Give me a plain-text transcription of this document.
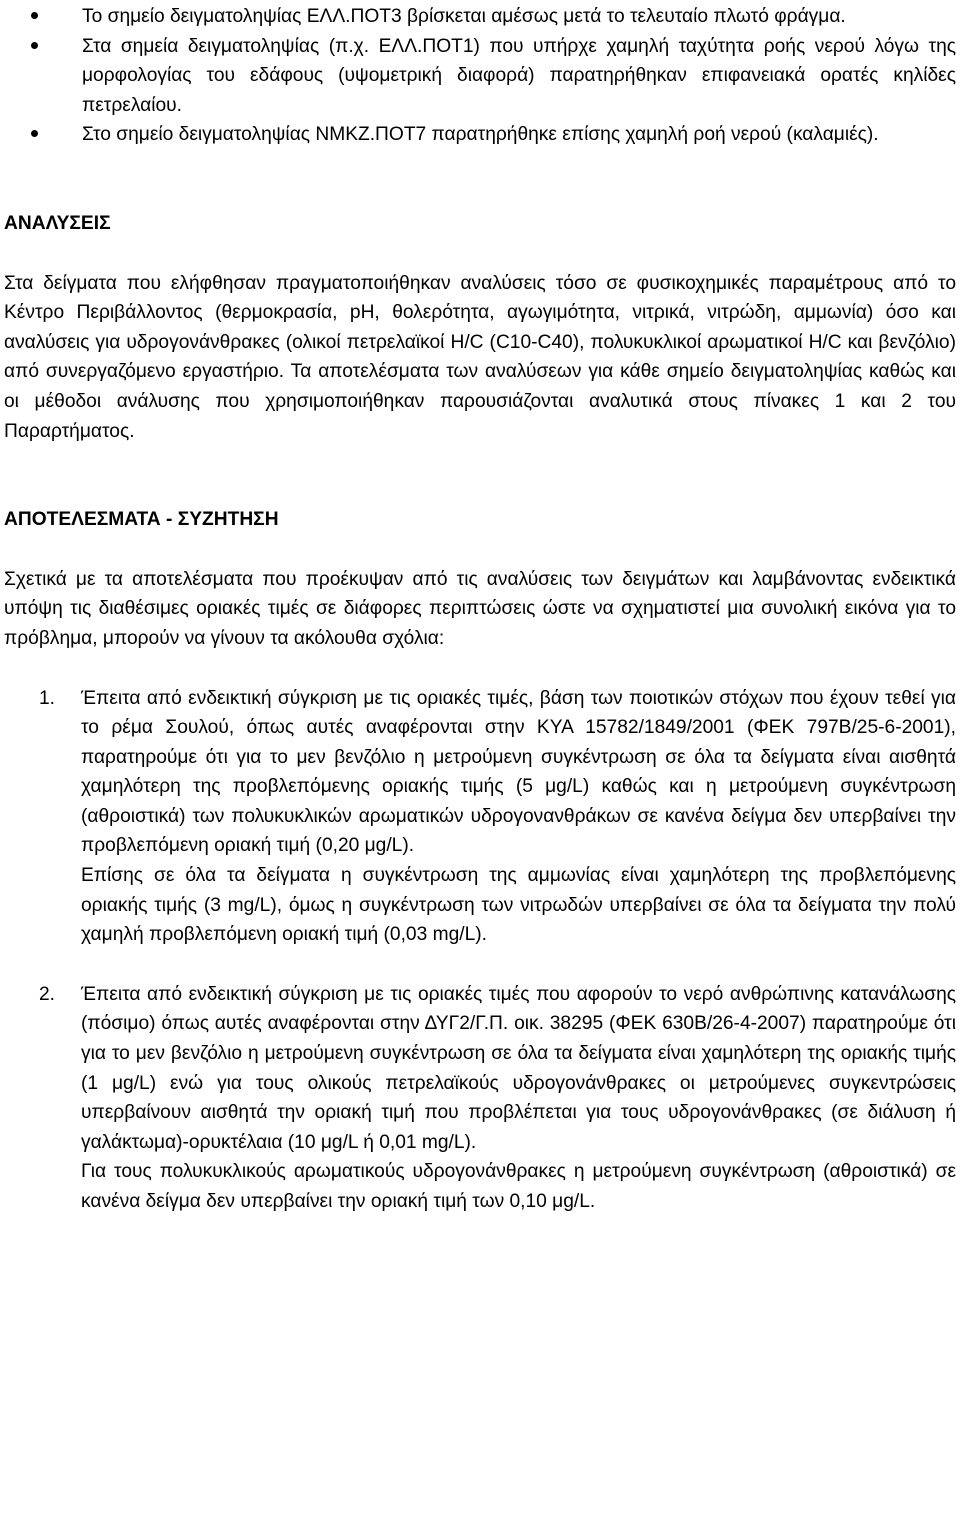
Το σημείο δειγματοληψίας ΕΛΛ.ΠΟΤ3 βρίσκεται αμέσως μετά το τελευταίο πλωτό φράγμα.
Στα σημεία δειγματοληψίας (π.χ. ΕΛΛ.ΠΟΤ1) που υπήρχε χαμηλή ταχύτητα ροής νερού λόγω της μορφολογίας του εδάφους (υψομετρική διαφορά) παρατηρήθηκαν επιφανειακά ορατές κηλίδες πετρελαίου.
Στο σημείο δειγματοληψίας ΝΜΚΖ.ΠΟΤ7 παρατηρήθηκε επίσης χαμηλή ροή νερού (καλαμιές).

ΑΝΑΛΥΣΕΙΣ

Στα δείγματα που ελήφθησαν πραγματοποιήθηκαν αναλύσεις τόσο σε φυσικοχημικές παραμέτρους από το Κέντρο Περιβάλλοντος (θερμοκρασία, pH, θολερότητα, αγωγιμότητα, νιτρικά, νιτρώδη, αμμωνία) όσο και αναλύσεις για υδρογονάνθρακες (ολικοί πετρελαϊκοί Η/C (C10-C40), πολυκυκλικοί αρωματικοί Η/C και βενζόλιο) από συνεργαζόμενο εργαστήριο. Τα αποτελέσματα των αναλύσεων για κάθε σημείο δειγματοληψίας καθώς και οι μέθοδοι ανάλυσης που χρησιμοποιήθηκαν παρουσιάζονται αναλυτικά στους πίνακες 1 και 2 του Παραρτήματος.

ΑΠΟΤΕΛΕΣΜΑΤΑ - ΣΥΖΗΤΗΣΗ

Σχετικά με τα αποτελέσματα που προέκυψαν από τις αναλύσεις των δειγμάτων και λαμβάνοντας ενδεικτικά υπόψη τις διαθέσιμες οριακές τιμές σε διάφορες περιπτώσεις ώστε να σχηματιστεί μια συνολική εικόνα για το πρόβλημα, μπορούν να γίνουν τα ακόλουθα σχόλια:

1. Έπειτα από ενδεικτική σύγκριση με τις οριακές τιμές, βάση των ποιοτικών στόχων που έχουν τεθεί για το ρέμα Σουλού, όπως αυτές αναφέρονται στην ΚΥΑ 15782/1849/2001 (ΦΕΚ 797Β/25-6-2001), παρατηρούμε ότι για το μεν βενζόλιο η μετρούμενη συγκέντρωση σε όλα τα δείγματα είναι αισθητά χαμηλότερη της προβλεπόμενης οριακής τιμής (5 μg/L) καθώς και η μετρούμενη συγκέντρωση (αθροιστικά) των πολυκυκλικών αρωματικών υδρογονανθράκων σε κανένα δείγμα δεν υπερβαίνει την προβλεπόμενη οριακή τιμή (0,20 μg/L).

Επίσης σε όλα τα δείγματα η συγκέντρωση της αμμωνίας είναι χαμηλότερη της προβλεπόμενης οριακής τιμής (3 mg/L), όμως η συγκέντρωση των νιτρωδών υπερβαίνει σε όλα τα δείγματα την πολύ χαμηλή προβλεπόμενη οριακή τιμή (0,03 mg/L).

2. Έπειτα από ενδεικτική σύγκριση με τις οριακές τιμές που αφορούν το νερό ανθρώπινης κατανάλωσης (πόσιμο) όπως αυτές αναφέρονται στην ΔΥΓ2/Γ.Π. οικ. 38295 (ΦΕΚ 630Β/26-4-2007) παρατηρούμε ότι για το μεν βενζόλιο η μετρούμενη συγκέντρωση σε όλα τα δείγματα είναι χαμηλότερη της οριακής τιμής (1 μg/L) ενώ για τους ολικούς πετρελαϊκούς υδρογονάνθρακες οι μετρούμενες συγκεντρώσεις υπερβαίνουν αισθητά την οριακή τιμή που προβλέπεται για τους υδρογονάνθρακες (σε διάλυση ή γαλάκτωμα)-ορυκτέλαια (10 μg/L ή 0,01 mg/L).

Για τους πολυκυκλικούς αρωματικούς υδρογονάνθρακες η μετρούμενη συγκέντρωση (αθροιστικά) σε κανένα δείγμα δεν υπερβαίνει την οριακή τιμή των 0,10 μg/L.
